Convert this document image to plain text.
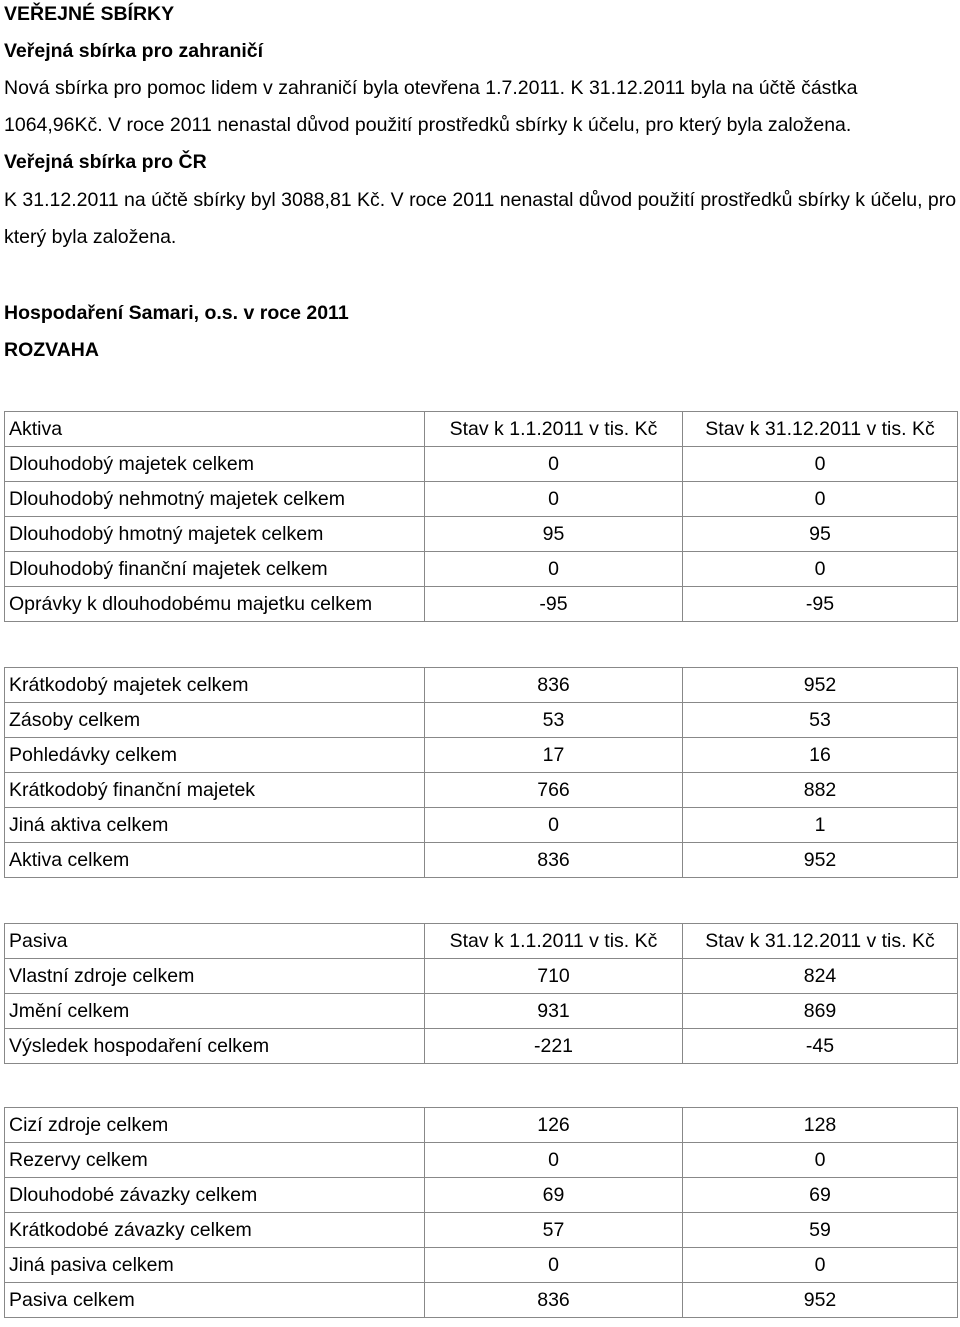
VEŘEJNÉ SBÍRKY
Veřejná sbírka pro zahraničí
Nová sbírka pro pomoc lidem v zahraničí byla otevřena 1.7.2011. K 31.12.2011 byla na účtě částka 1064,96Kč. V roce 2011 nenastal důvod použití prostředků sbírky k účelu, pro který byla založena.
Veřejná sbírka pro ČR
K 31.12.2011 na účtě sbírky byl 3088,81 Kč. V roce 2011 nenastal důvod použití prostředků sbírky k účelu, pro který byla založena.
Hospodaření Samari, o.s. v roce 2011
ROZVAHA
Aktiva	Stav k 1.1.2011 v tis. Kč	Stav k 31.12.2011 v tis. Kč
Dlouhodobý majetek celkem	0	0
Dlouhodobý nehmotný majetek celkem	0	0
Dlouhodobý hmotný majetek celkem	95	95
Dlouhodobý finanční majetek celkem	0	0
Oprávky k dlouhodobému majetku celkem	-95	-95
Krátkodobý majetek celkem	836	952
Zásoby celkem	53	53
Pohledávky celkem	17	16
Krátkodobý finanční majetek	766	882
Jiná aktiva celkem	0	1
Aktiva celkem	836	952
Pasiva	Stav k 1.1.2011 v tis. Kč	Stav k 31.12.2011 v tis. Kč
Vlastní zdroje celkem	710	824
Jmění celkem	931	869
Výsledek hospodaření celkem	-221	-45
Cizí zdroje celkem	126	128
Rezervy celkem	0	0
Dlouhodobé závazky celkem	69	69
Krátkodobé závazky celkem	57	59
Jiná pasiva celkem	0	0
Pasiva celkem	836	952
